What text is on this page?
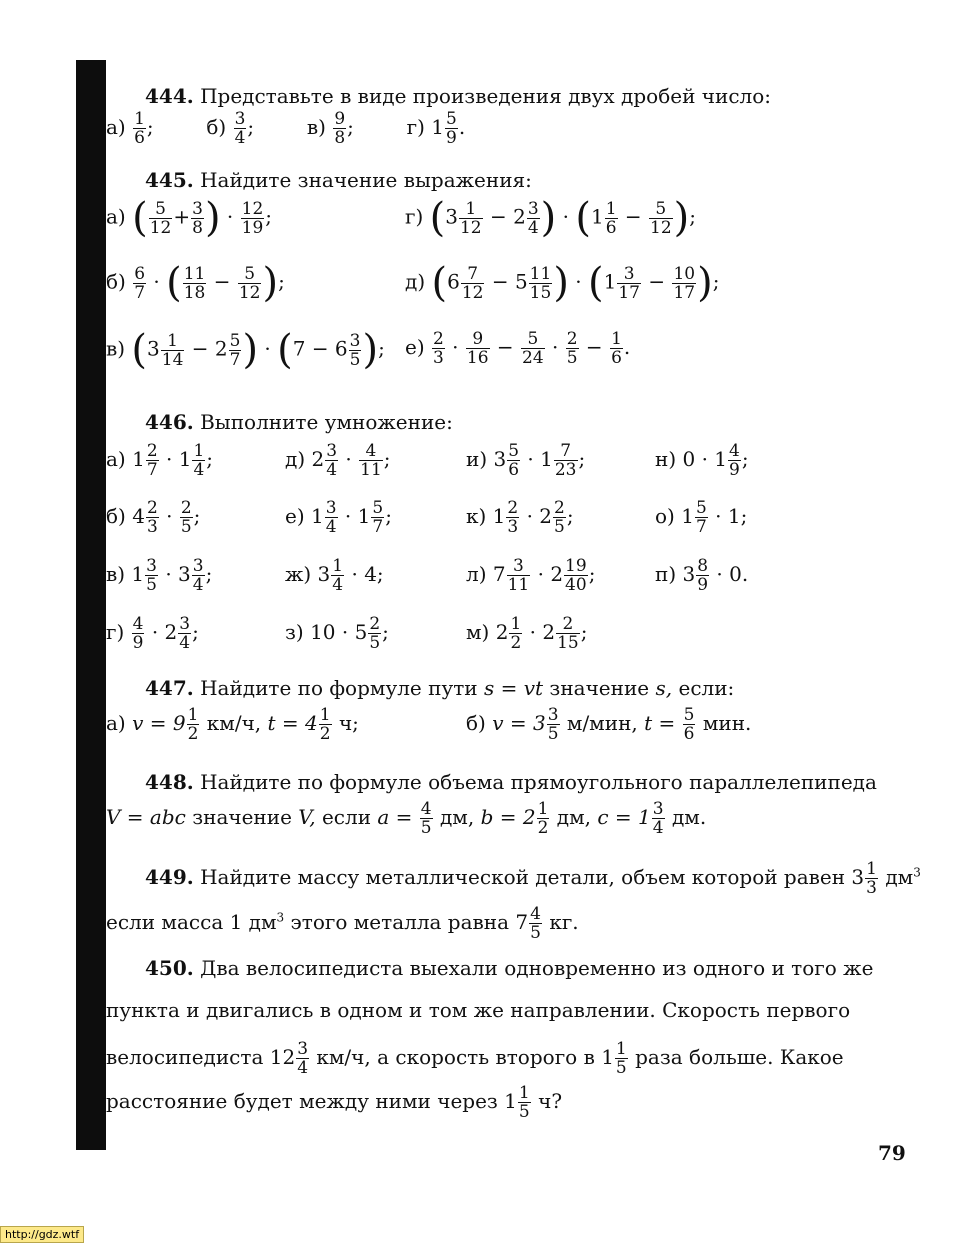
444. Представьте в виде произведения двух дробей число:
$а) \frac{1}{6}$ ;	$б) \frac{3}{4}$ ;	$в) \frac{9}{8}$ ;	г) $1 \frac{5}{9}$ .
445. Найдите значение выражения:
а) ( $\frac{5}{12} + \frac{3}{8}$ ) · $\frac{12}{19}$ ;	г) ($3 \frac{1}{12} - 2 \frac{3}{4}$ ) · ($1 \frac{1}{6} - \frac{5}{12}$ );
$б) \frac{6}{7}$ · ( $\frac{11}{18} - \frac{5}{12}$ );	д) ($6 \frac{7}{12} - 5 \frac{11}{15}$ ) · ($1 \frac{3}{17} - \frac{10}{17}$ );
в) ($3 \frac{1}{14} - 2 \frac{5}{7}$ ) · ($7 - 6 \frac{3}{5}$ ); $е) \frac{2}{3} \cdot \frac{9}{16} - \frac{5}{24} \cdot \frac{2}{5} - \frac{1}{6}$ .
446. Выполните умножение:
а) $1 \frac{2}{7} \cdot 1 \frac{1}{4}$ ;	д) $2 \frac{3}{4} \cdot \frac{4}{11}$ ;	и) $3 \frac{5}{6} \cdot 1 \frac{7}{23}$ ;	н) $0 \cdot 1 \frac{4}{9}$ ;
б) $4 \frac{2}{3} \cdot \frac{2}{5}$ ;	е) $1 \frac{3}{4} \cdot 1 \frac{5}{7}$ ;	к) $1 \frac{2}{3} \cdot 2 \frac{2}{5}$ ;	о) $1 \frac{5}{7} \cdot 1$;
в) $1 \frac{3}{5} \cdot 3 \frac{3}{4}$ ;	ж) $3 \frac{1}{4} \cdot 4$;	л) $7 \frac{3}{11} \cdot 2 \frac{19}{40}$ ;	п) $3 \frac{8}{9} \cdot 0$.
$г) \frac{4}{9} \cdot 2 \frac{3}{4}$ ;	з) $10 \cdot 5 \frac{2}{5}$ ;	м) $2 \frac{1}{2} \cdot 2 \frac{2}{15}$ ;
447. Найдите по формуле пути s = vt значение s, если:
а) $v = 9 \frac{1}{2} км/ч$, $t = 4 \frac{1}{2} ч$;	б) $v = 3 \frac{3}{5} м/мин$, $t = \frac{5}{6}$ мин.
448. Найдите по формуле объема прямоугольного параллелепипеда
V = abc значение V, если $a = \frac{4}{5}$ дм, $b = 2 \frac{1}{2}$ дм, $c = 1 \frac{3}{4}$ дм.
449. Найдите массу металлической детали, объем которой равен $3 \frac{1}{3} дм^3$
если масса 1 $дм^3$ этого металла равна $7 \frac{4}{5}$ кг.
450. Два велосипедиста выехали одновременно из одного и того же
пункта и двигались в одном и том же направлении. Скорость первого
велосипедиста $12 \frac{3}{4} км/ч$, а скорость второго в $1 \frac{1}{5}$ раза больше. Какое
расстояние будет между ними через $1 \frac{1}{5} ч$?
79
http://gdz.wtf
